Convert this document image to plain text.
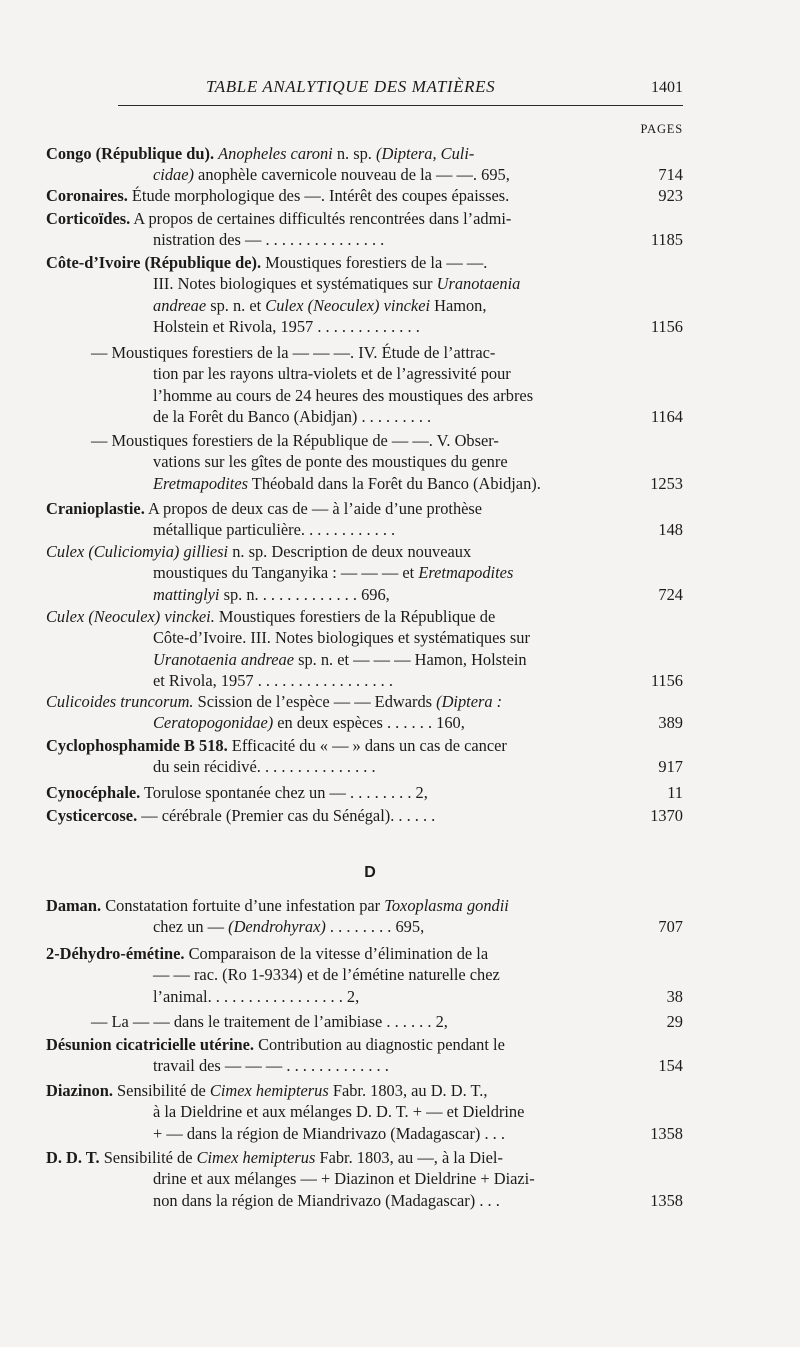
TABLE ANALYTIQUE DES MATIÈRES	1401
PAGES
D
Congo (République du). Anopheles caroni n. sp. (Diptera, Culi-
cidae) anophèle cavernicole nouveau de la — —. 695,	714
Coronaires. Étude morphologique des —. Intérêt des coupes épaisses.	923
Corticoïdes. A propos de certaines difficultés rencontrées dans l’admi-
nistration des — . . . . . . . . . . . . . . .	1185
Côte-d’Ivoire (République de). Moustiques forestiers de la — —.
III. Notes biologiques et systématiques sur Uranotaenia
andreae sp. n. et Culex (Neoculex) vinckei Hamon,
Holstein et Rivola, 1957 . . . . . . . . . . . . .	1156
— Moustiques forestiers de la — — —. IV. Étude de l’attrac-
tion par les rayons ultra-violets et de l’agressivité pour
l’homme au cours de 24 heures des moustiques des arbres
de la Forêt du Banco (Abidjan) . . . . . . . . .	1164
— Moustiques forestiers de la République de — —. V. Obser-
vations sur les gîtes de ponte des moustiques du genre
Eretmapodites Théobald dans la Forêt du Banco (Abidjan).	1253
Cranioplastie. A propos de deux cas de — à l’aide d’une prothèse
métallique particulière. . . . . . . . . . . .	148
Culex (Culiciomyia) gilliesi n. sp. Description de deux nouveaux
moustiques du Tanganyika : — — — et Eretmapodites
mattinglyi sp. n. . . . . . . . . . . . . 696,	724
Culex (Neoculex) vinckei. Moustiques forestiers de la République de
Côte-d’Ivoire. III. Notes biologiques et systématiques sur
Uranotaenia andreae sp. n. et — — — Hamon, Holstein
et Rivola, 1957 . . . . . . . . . . . . . . . . .	1156
Culicoides truncorum. Scission de l’espèce — — Edwards (Diptera :
Ceratopogonidae) en deux espèces . . . . . . 160,	389
Cyclophosphamide B 518. Efficacité du « — » dans un cas de cancer
du sein récidivé. . . . . . . . . . . . . . .	917
Cynocéphale. Torulose spontanée chez un — . . . . . . . . 2,	11
Cysticercose. — cérébrale (Premier cas du Sénégal). . . . . .	1370
Daman. Constatation fortuite d’une infestation par Toxoplasma gondii
chez un — (Dendrohyrax) . . . . . . . . 695,	707
2-Déhydro-émétine. Comparaison de la vitesse d’élimination de la
— — rac. (Ro 1-9334) et de l’émétine naturelle chez
l’animal. . . . . . . . . . . . . . . . . 2,	38
— La — — dans le traitement de l’amibiase . . . . . . 2,	29
Désunion cicatricielle utérine. Contribution au diagnostic pendant le
travail des — — — . . . . . . . . . . . . .	154
Diazinon. Sensibilité de Cimex hemipterus Fabr. 1803, au D. D. T.,
à la Dieldrine et aux mélanges D. D. T. + — et Dieldrine
+ — dans la région de Miandrivazo (Madagascar) . . .	1358
D. D. T. Sensibilité de Cimex hemipterus Fabr. 1803, au —, à la Diel-
drine et aux mélanges — + Diazinon et Dieldrine + Diazi-
non dans la région de Miandrivazo (Madagascar) . . .	1358
